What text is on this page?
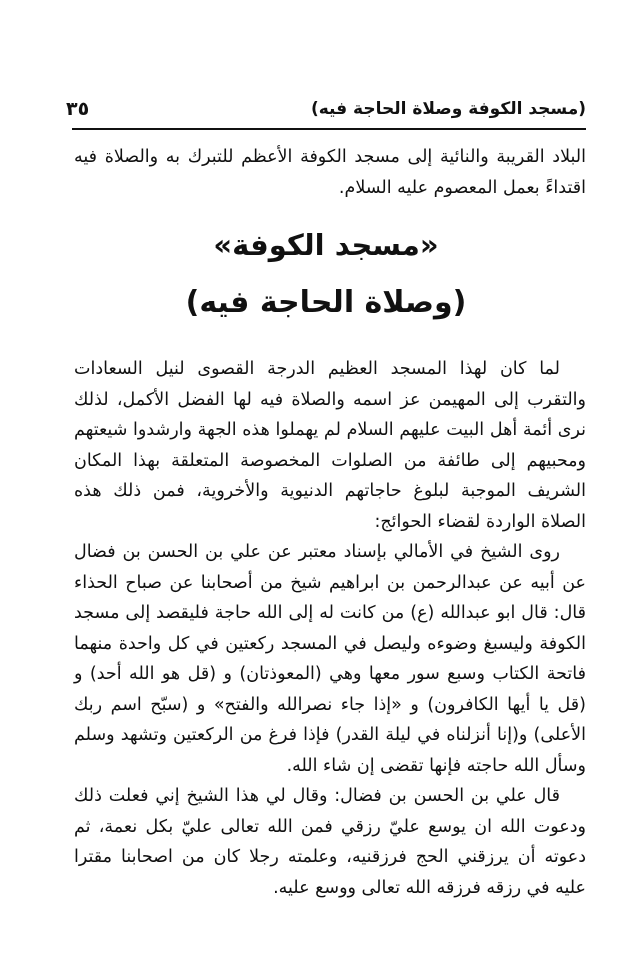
(مسجد الكوفة وصلاة الحاجة فيه)
٣٥

البلاد القريبة والنائية إلى مسجد الكوفة الأعظم للتبرك به والصلاة فيه اقتداءً بعمل المعصوم عليه السلام.

«مسجد الكوفة»
(وصلاة الحاجة فيه)

لما كان لهذا المسجد العظيم الدرجة القصوى لنيل السعادات والتقرب إلى المهيمن عز اسمه والصلاة فيه لها الفضل الأكمل، لذلك نرى أئمة أهل البيت عليهم السلام لم يهملوا هذه الجهة وارشدوا شيعتهم ومحبيهم إلى طائفة من الصلوات المخصوصة المتعلقة بهذا المكان الشريف الموجبة لبلوغ حاجاتهم الدنيوية والأخروية، فمن ذلك هذه الصلاة الواردة لقضاء الحوائج:

روى الشيخ في الأمالي بإسناد معتبر عن علي بن الحسن بن فضال عن أبيه عن عبدالرحمن بن ابراهيم شيخ من أصحابنا عن صباح الحذاء قال: قال ابو عبدالله (ع) من كانت له إلى الله حاجة فليقصد إلى مسجد الكوفة وليسبغ وضوءه وليصل في المسجد ركعتين في كل واحدة منهما فاتحة الكتاب وسبع سور معها وهي (المعوذتان) و (قل هو الله أحد) و (قل يا أيها الكافرون) و «إذا جاء نصرالله والفتح» و (سبّح اسم ربك الأعلى) و(إنا أنزلناه في ليلة القدر) فإذا فرغ من الركعتين وتشهد وسلم وسأل الله حاجته فإنها تقضى إن شاء الله.

قال علي بن الحسن بن فضال: وقال لي هذا الشيخ إني فعلت ذلك ودعوت الله ان يوسع عليّ رزقي فمن الله تعالى عليّ بكل نعمة، ثم دعوته أن يرزقني الحج فرزقنيه، وعلمته رجلا كان من اصحابنا مقترا عليه في رزقه فرزقه الله تعالى ووسع عليه.
